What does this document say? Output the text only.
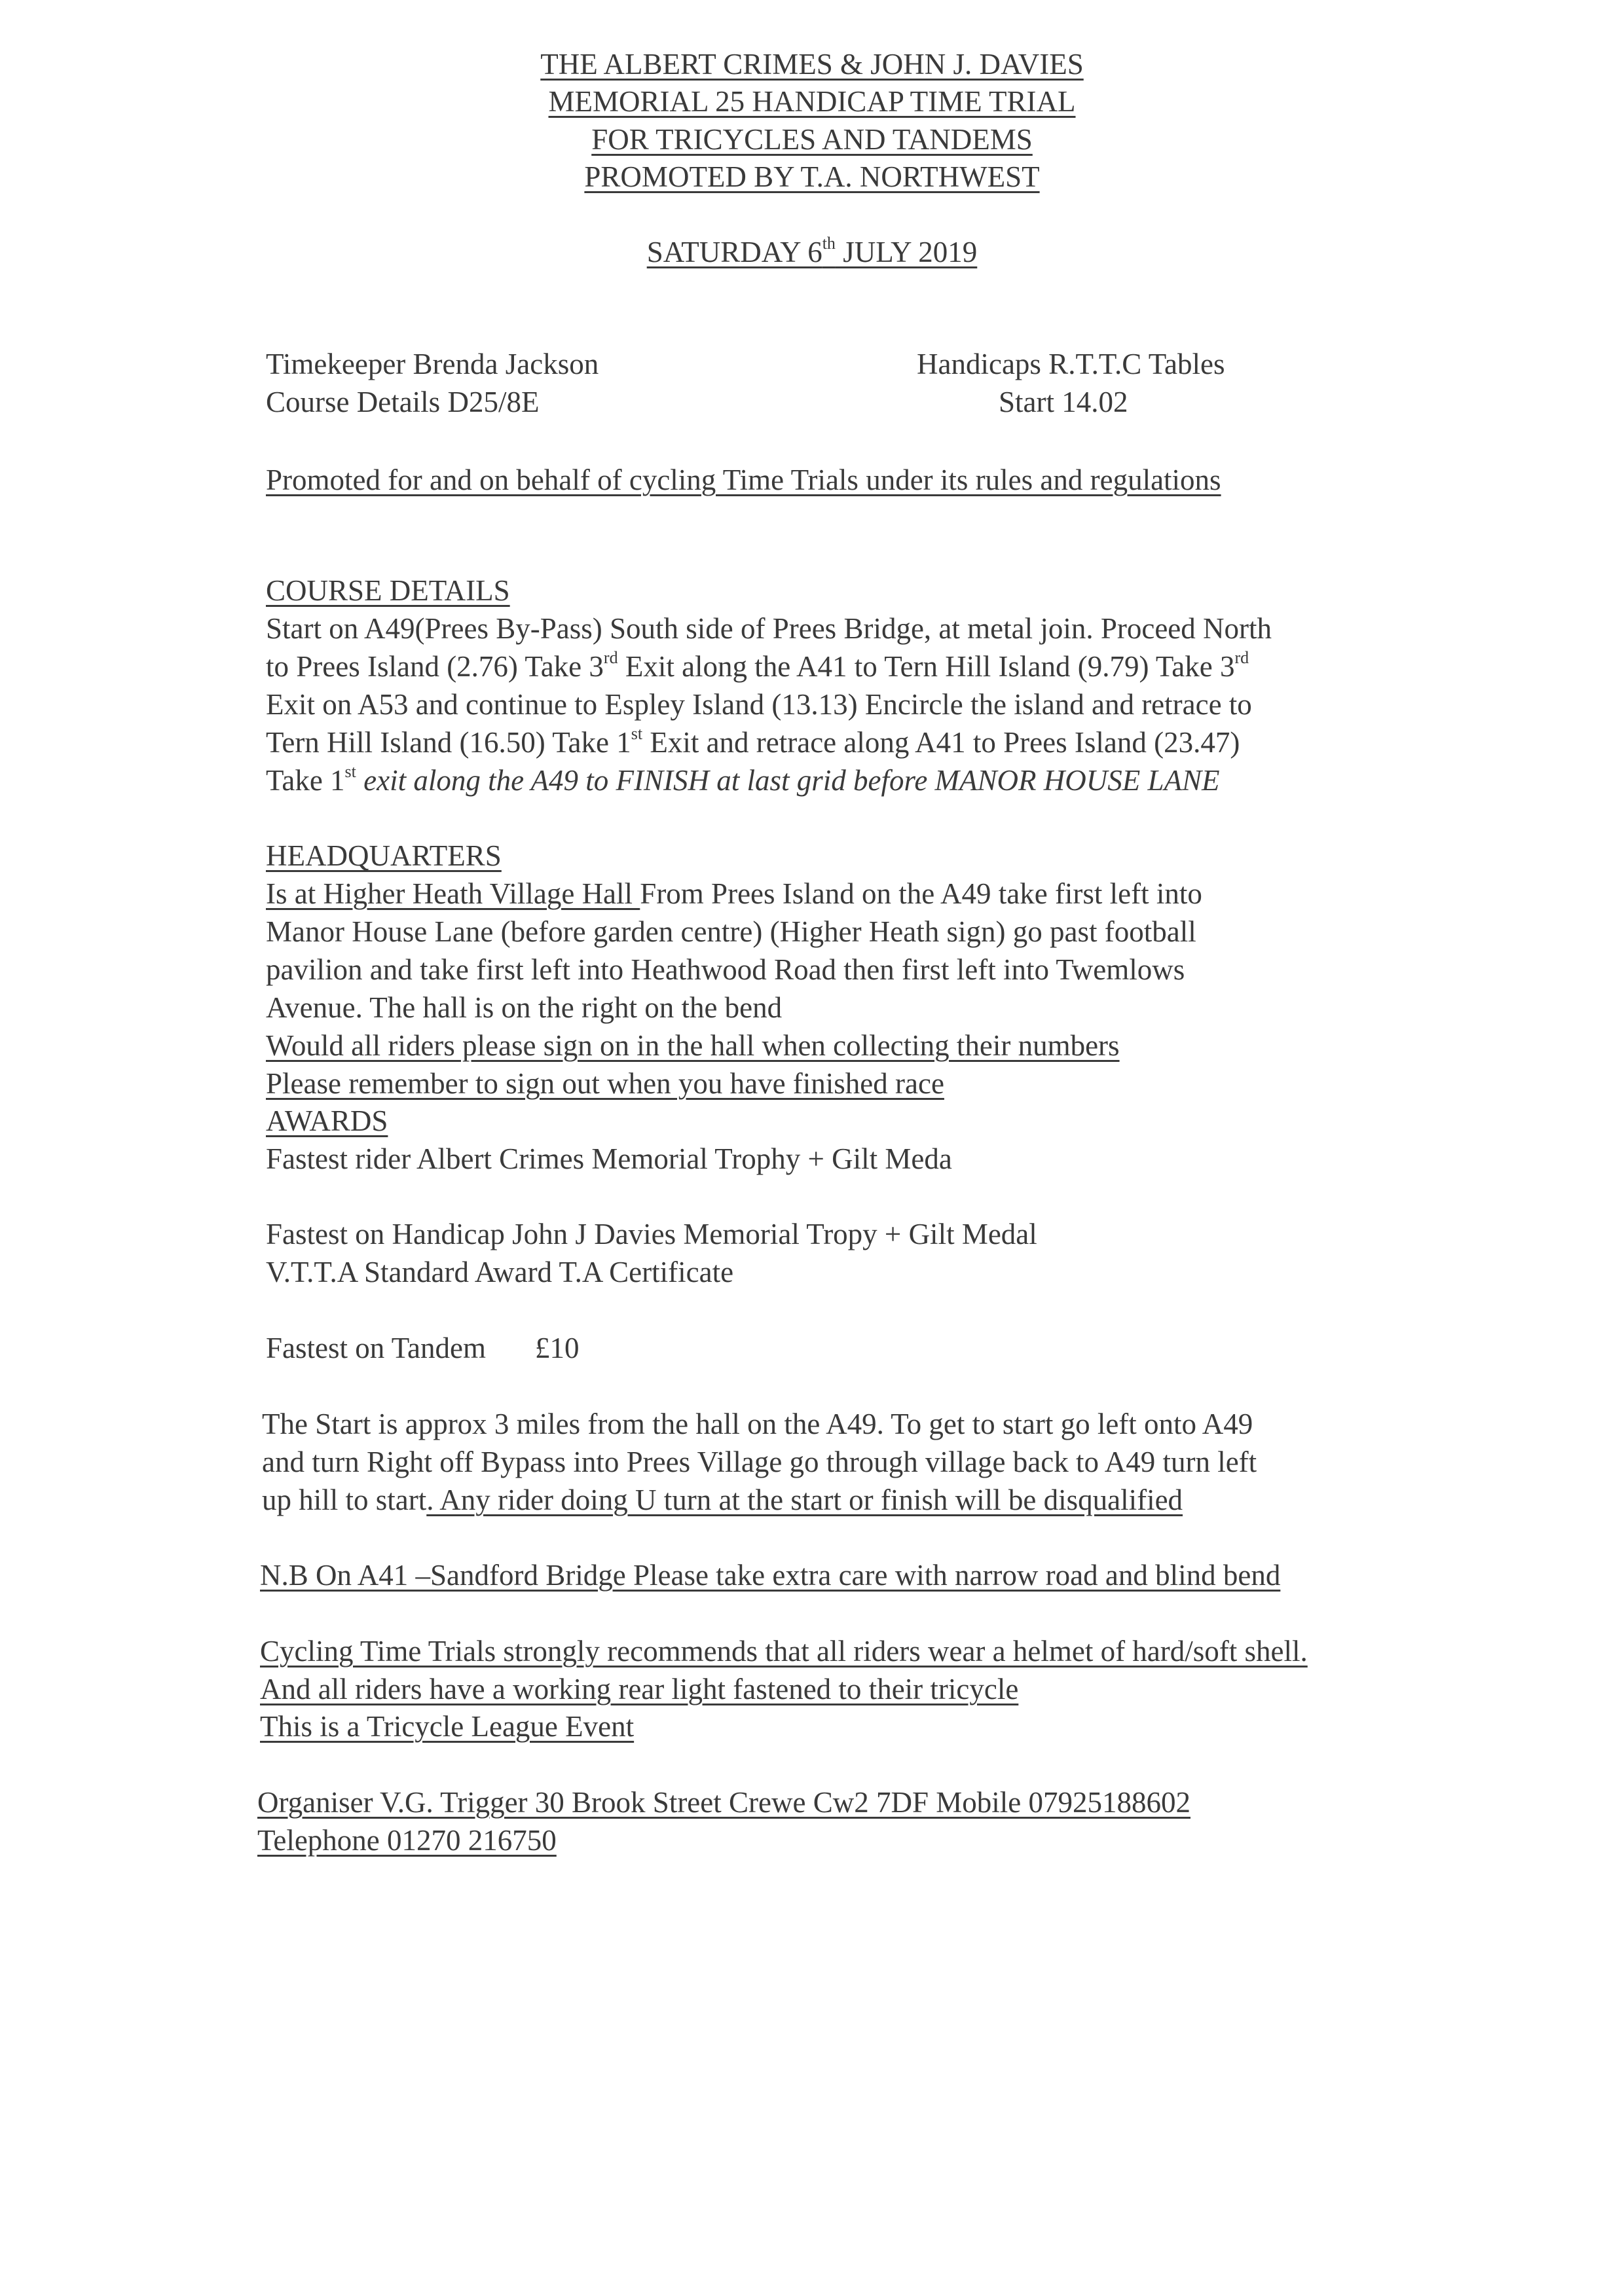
THE ALBERT CRIMES & JOHN J. DAVIES
MEMORIAL 25 HANDICAP TIME TRIAL
FOR TRICYCLES AND TANDEMS
PROMOTED BY T.A. NORTHWEST
SATURDAY 6th JULY 2019
Timekeeper Brenda Jackson
Course Details D25/8E
Handicaps R.T.T.C Tables
Start 14.02
Promoted for and on behalf of cycling Time Trials under its rules and regulations
COURSE DETAILS
Start on A49(Prees By-Pass) South side of Prees Bridge, at metal join. Proceed North
to Prees Island (2.76) Take 3rd Exit along the A41 to Tern Hill Island (9.79) Take 3rd
Exit on A53 and continue to Espley Island (13.13) Encircle the island and retrace to
Tern Hill Island (16.50) Take 1st Exit and retrace along A41 to Prees Island (23.47)
Take 1st exit along the A49 to FINISH at last grid before MANOR HOUSE LANE
HEADQUARTERS
Is at Higher Heath Village Hall From Prees Island on the A49 take first left into
Manor House Lane (before garden centre) (Higher Heath sign) go past football
pavilion and take first left into Heathwood Road then first left into Twemlows
Avenue. The hall is on the right on the bend
Would all riders please sign on in the hall when collecting their numbers
Please remember to sign out when you have finished race
AWARDS
Fastest rider Albert Crimes Memorial Trophy + Gilt Meda
Fastest on Handicap John J Davies Memorial Tropy + Gilt Medal
V.T.T.A Standard Award T.A Certificate
Fastest on Tandem £10
The Start is approx 3 miles from the hall on the A49. To get to start go left onto A49
and turn Right off Bypass into Prees Village go through village back to A49 turn left
up hill to start. Any rider doing U turn at the start or finish will be disqualified
N.B On A41 –Sandford Bridge Please take extra care with narrow road and blind bend
Cycling Time Trials strongly recommends that all riders wear a helmet of hard/soft shell.
And all riders have a working rear light fastened to their tricycle
This is a Tricycle League Event
Organiser V.G. Trigger 30 Brook Street Crewe Cw2 7DF Mobile 07925188602
Telephone 01270 216750
